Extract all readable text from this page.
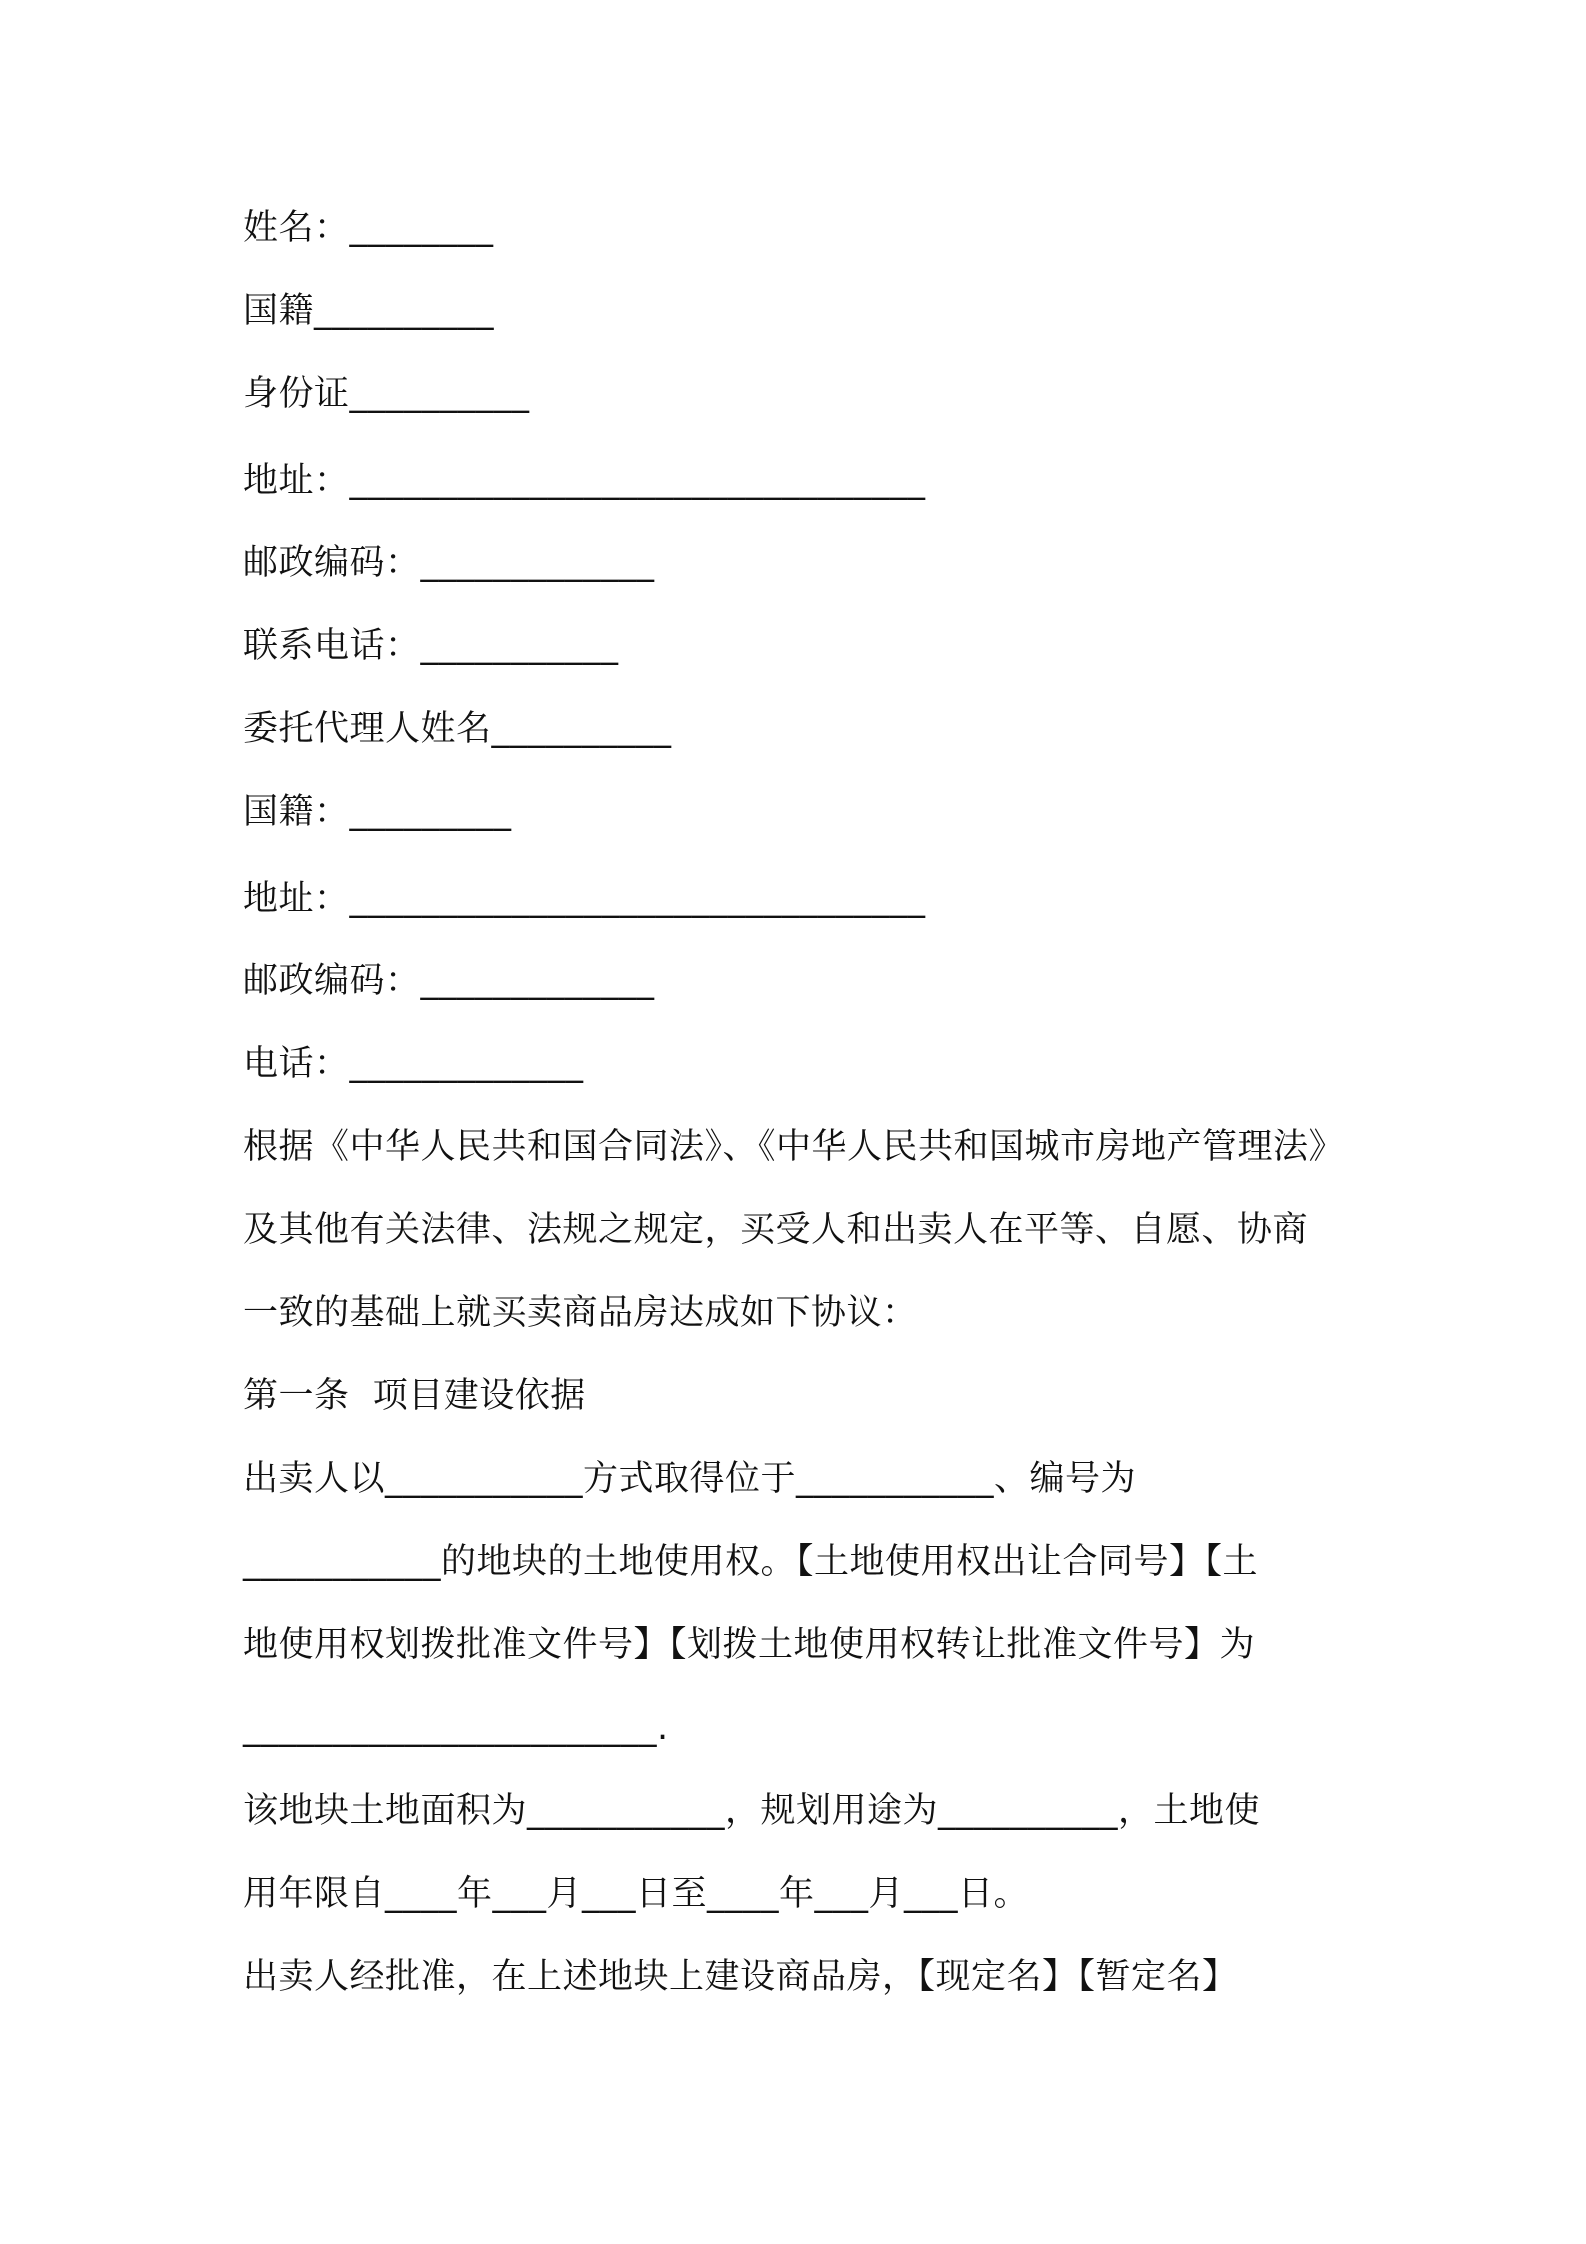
姓名：________

国籍__________

身份证__________

地址：________________________________

邮政编码：_____________

联系电话：___________

委托代理人姓名__________

国籍：_________

地址：________________________________

邮政编码：_____________

电话：_____________

根据《中华人民共和国合同法》、《中华人民共和国城市房地产管理法》

及其他有关法律、法规之规定，买受人和出卖人在平等、自愿、协商

一致的基础上就买卖商品房达成如下协议：

第一条  项目建设依据

出卖人以___________方式取得位于___________、编号为

___________的地块的土地使用权。【土地使用权出让合同号】【土

地使用权划拨批准文件号】【划拨土地使用权转让批准文件号】为

_______________________.

该地块土地面积为___________，规划用途为__________，土地使

用年限自____年___月___日至____年___月___日。

出卖人经批准，在上述地块上建设商品房，【现定名】【暂定名】
